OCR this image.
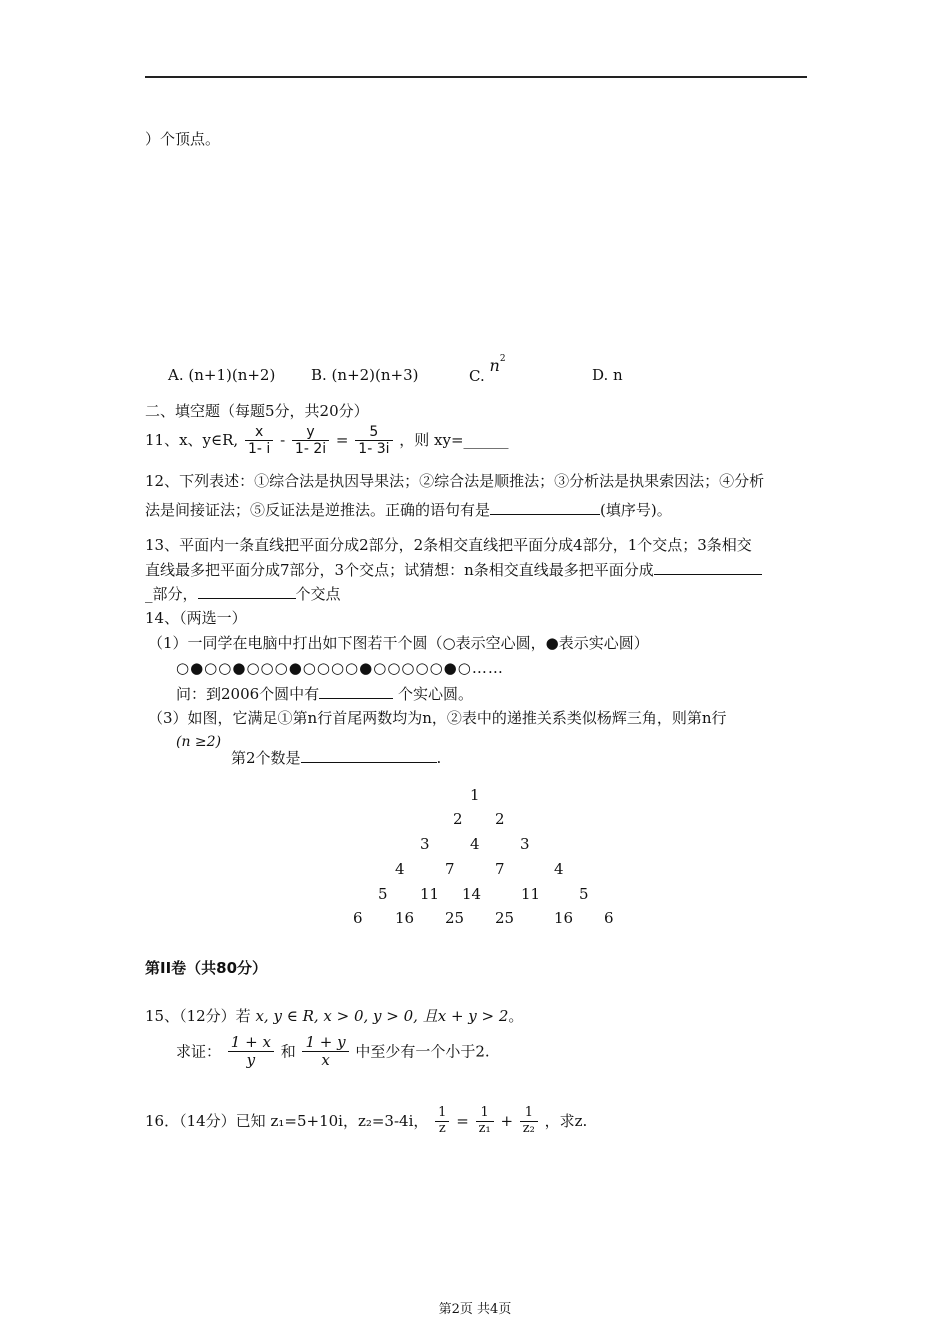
）个顶点。
A. (n+1)(n+2) B. (n+2)(n+3)	C. $n^2$
D. n
二、填空题（每题5分，共20分）
11、x、y∈R, $\frac{x}{1- i} - \frac{y}{1- 2i} = \frac{5}{1- 3i}$ ，则 xy=______
12、下列表述：①综合法是执因导果法；②综合法是顺推法；③分析法是执果索因法；④分析
法是间接证法；⑤反证法是逆推法。正确的语句有是	(填序号)。
13、平面内一条直线把平面分成2部分，2条相交直线把平面分成4部分，1个交点；3条相交
直线最多把平面分成7部分，3个交点；试猜想：n条相交直线最多把平面分成
_部分，	个交点
14、（两选一）
（1）一同学在电脑中打出如下图若干个圆（○表示空心圆，●表示实心圆）
○●○○●○○○●○○○○●○○○○○●○……
问：到2006个圆中有	个实心圆。
（3）如图，它满足①第n行首尾两数均为n，②表中的递推关系类似杨辉三角，则第n行
(n ≥2)
第2个数是	.
1
2 2
3	4	3
4	7	7	4
5 11 14	11	5
6 16 25 25	16 6
第II卷（共80分）
15、（12分）若 x, y ∈ R, x > 0, y > 0, 且x + y > 2。
求证： $\frac{1 + x}{y}$ 和 $\frac{1 + y}{x}$ 中至少有一个小于2.
16．（14分）已知 z₁=5+10i，z₂=3-4i， $\frac{1}{z} = \frac{1}{\text{z₁}} + \frac{1}{\text{z₂}}$ ，求z.
第2页 共4页
